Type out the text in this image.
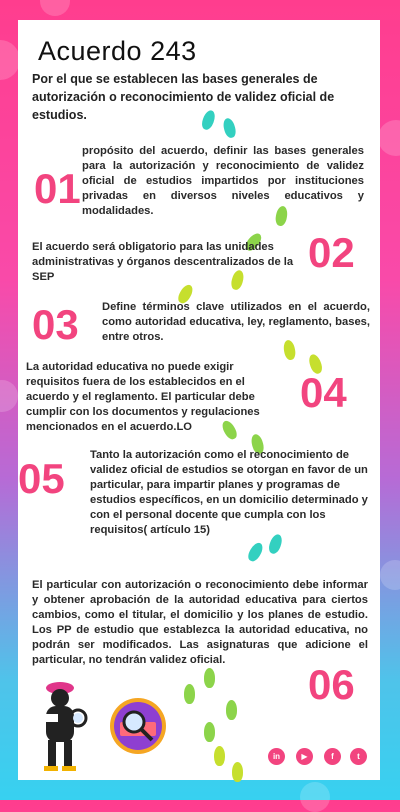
Acuerdo 243
Por el que se establecen las bases generales de autorización o reconocimiento de validez oficial de estudios.
01
propósito del acuerdo, definir las bases generales para la autorización y reconocimiento de validez oficial de estudios impartidos por instituciones privadas en diversos niveles educativos y modalidades.
El acuerdo será obligatorio para las unidades administrativas y órganos descentralizados de la SEP
02
03 Define términos clave utilizados en el acuerdo, como autoridad educativa, ley, reglamento, bases, entre otros.
La autoridad educativa no puede exigir requisitos fuera de los establecidos en el acuerdo y el reglamento. El particular debe cumplir con los documentos y regulaciones mencionados en el acuerdo.LO
04
05 Tanto la autorización como el reconocimiento de validez oficial de estudios se otorgan en favor de un particular, para impartir planes y programas de estudios específicos, en un domicilio determinado y con el personal docente que cumpla con los requisitos( artículo 15)
El particular con autorización o reconocimiento debe informar y obtener aprobación de la autoridad educativa para ciertos cambios, como el titular, el domicilio y los planes de estudio. Los PP de estudio que establezca la autoridad educativa, no podrán ser modificados. Las asignaturas que adicione el particular, no tendrán validez oficial.
06
in	▶	f	t
